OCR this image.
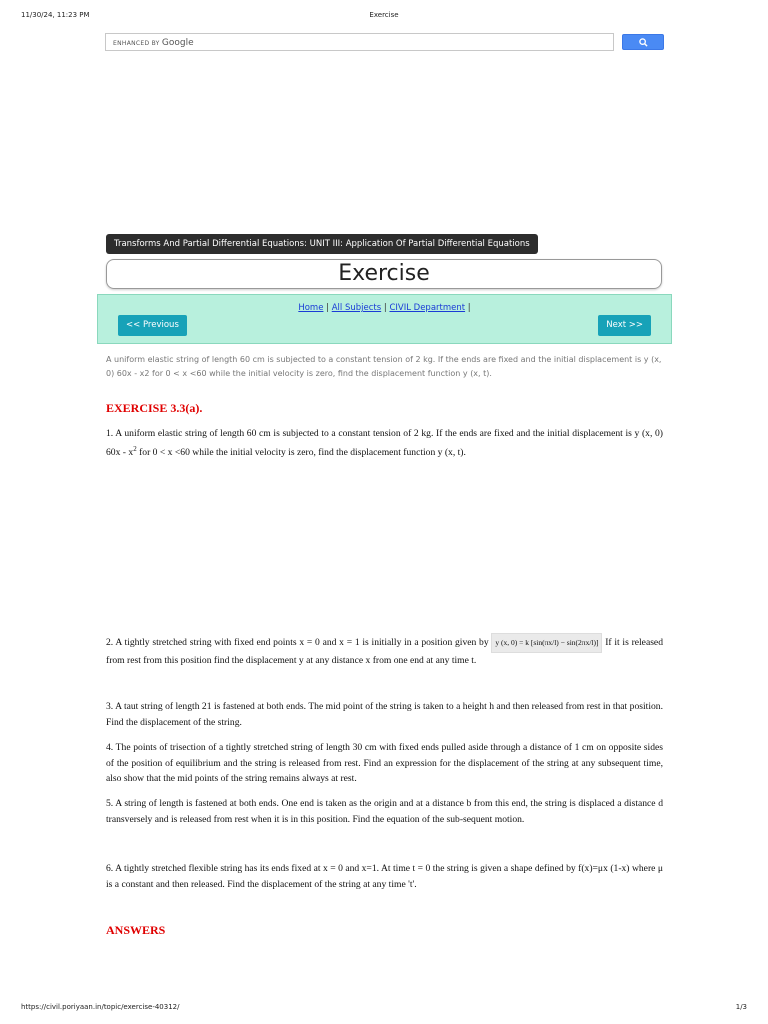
11/30/24, 11:23 PM	Exercise
ENHANCED BY Google
Transforms And Partial Differential Equations: UNIT III: Application Of Partial Differential Equations
Exercise
Home | All Subjects | CIVIL Department |
<< Previous	Next >>
A uniform elastic string of length 60 cm is subjected to a constant tension of 2 kg. If the ends are fixed and the initial displacement is y (x, 0) 60x - x2 for 0 < x <60 while the initial velocity is zero, find the displacement function y (x, t).
EXERCISE 3.3(a).
1. A uniform elastic string of length 60 cm is subjected to a constant tension of 2 kg. If the ends are fixed and the initial displacement is y (x, 0) $60x - x^2$ for 0 < x <60 while the initial velocity is zero, find the displacement function y (x, t).
2. A tightly stretched string with fixed end points x = 0 and x = 1 is initially in a position given by y (x, 0) = k [sin(πx/l) − sin(2πx/l)] If it is released from rest from this position find the displacement y at any distance x from one end at any time t.
3. A taut string of length 21 is fastened at both ends. The mid point of the string is taken to a height h and then released from rest in that position. Find the displacement of the string.
4. The points of trisection of a tightly stretched string of length 30 cm with fixed ends pulled aside through a distance of 1 cm on opposite sides of the position of equilibrium and the string is released from rest. Find an expression for the displacement of the string at any subsequent time, also show that the mid points of the string remains always at rest.
5. A string of length is fastened at both ends. One end is taken as the origin and at a distance b from this end, the string is displaced a distance d transversely and is released from rest when it is in this position. Find the equation of the sub-sequent motion.
6. A tightly stretched flexible string has its ends fixed at x = 0 and x=1. At time t = 0 the string is given a shape defined by f(x)=μx (1-x) where μ is a constant and then released. Find the displacement of the string at any time 't'.
ANSWERS
https://civil.poriyaan.in/topic/exercise-40312/	1/3
